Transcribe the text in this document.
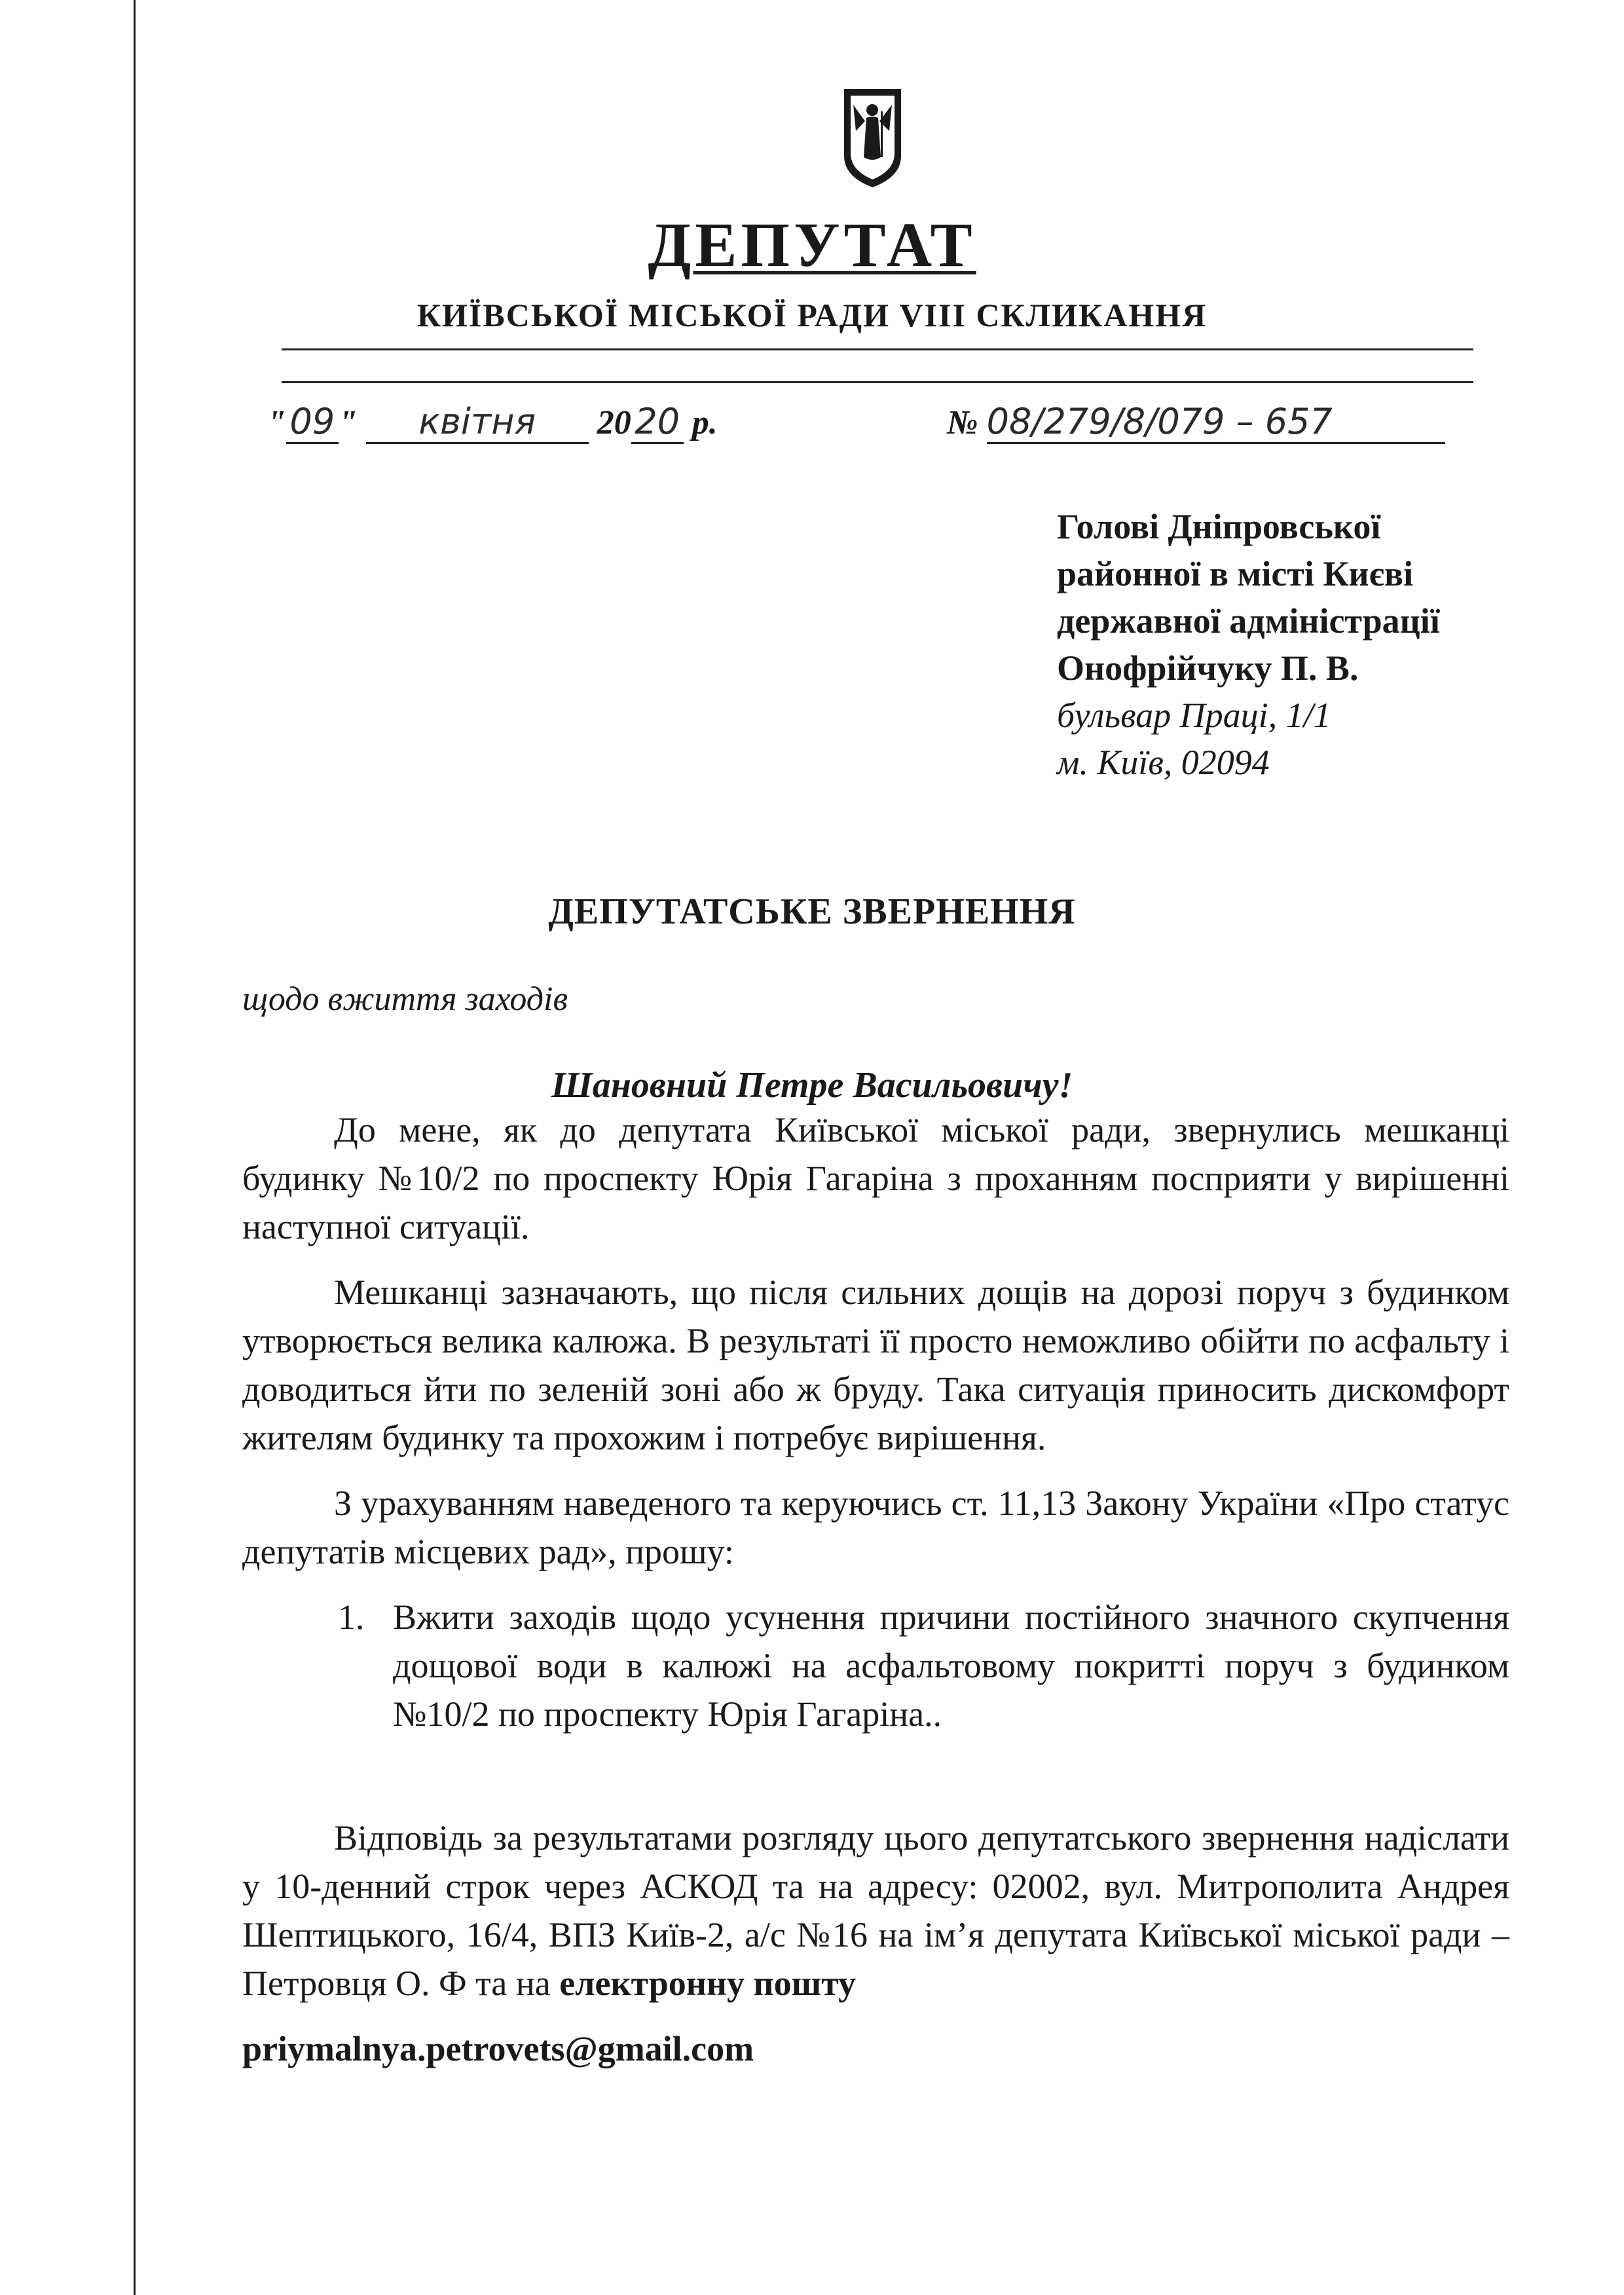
ДЕПУТАТ
КИЇВСЬКОЇ МІСЬКОЇ РАДИ VIII СКЛИКАННЯ
" 09 " квітня 20 20 р.	№ 08/279/8/079 – 657
Голові Дніпровської
районної в місті Києві
державної адміністрації
Онофрійчуку П. В.
бульвар Праці, 1/1
м. Київ, 02094
ДЕПУТАТСЬКЕ ЗВЕРНЕННЯ
щодо вжиття заходів
Шановний Петре Васильовичу!

До мене, як до депутата Київської міської ради, звернулись мешканці будинку №10/2 по проспекту Юрія Гагаріна з проханням посприяти у вирішенні наступної ситуації.

Мешканці зазначають, що після сильних дощів на дорозі поруч з будинком утворюється велика калюжа. В результаті її просто неможливо обійти по асфальту і доводиться йти по зеленій зоні або ж бруду. Така ситуація приносить дискомфорт жителям будинку та прохожим і потребує вирішення.

З урахуванням наведеного та керуючись ст. 11,13 Закону України «Про статус депутатів місцевих рад», прошу:

1. Вжити заходів щодо усунення причини постійного значного скупчення дощової води в калюжі на асфальтовому покритті поруч з будинком №10/2 по проспекту Юрія Гагаріна..

Відповідь за результатами розгляду цього депутатського звернення надіслати у 10-денний строк через АСКОД та на адресу: 02002, вул. Митрополита Андрея Шептицького, 16/4, ВПЗ Київ-2, а/с №16 на ім’я депутата Київської міської ради – Петровця О. Ф та на електронну пошту

priymalnya.petrovets@gmail.com
